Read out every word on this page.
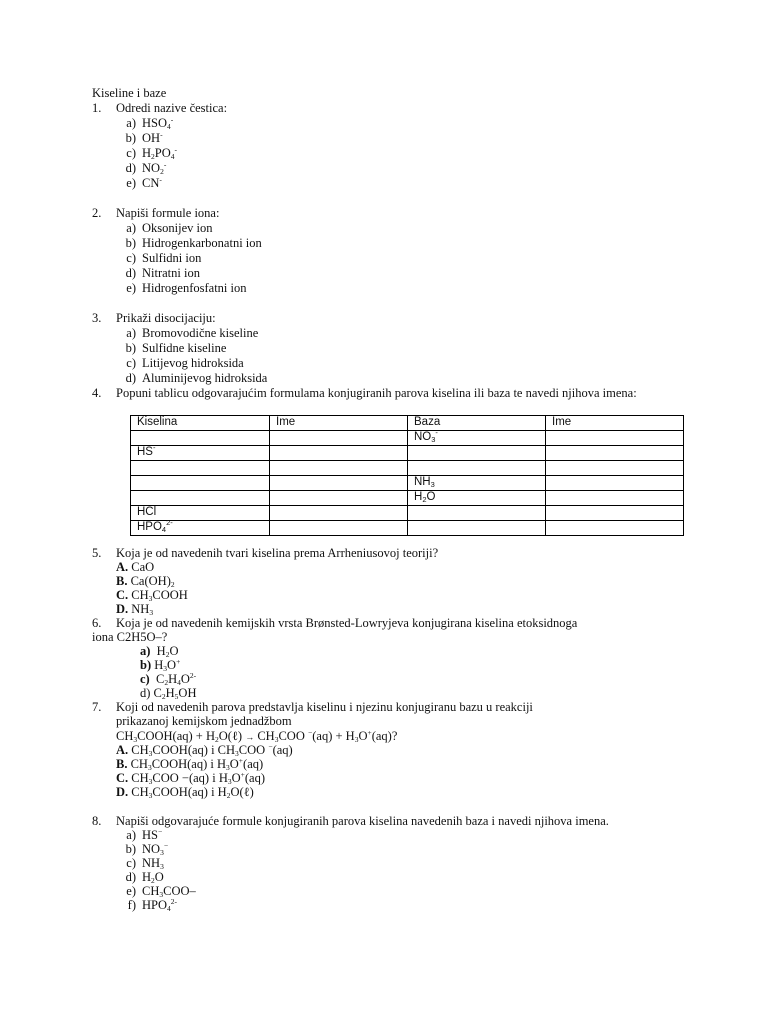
Kiseline i baze
1. Odredi nazive čestica:
a) $HSO_4^-$
b) OH-
c) $H_2PO_4^-$
d) $NO_2^-$
e) CN-
2. Napiši formule iona:
a) Oksonijev ion
b) Hidrogenkarbonatni ion
c) Sulfidni ion
d) Nitratni ion
e) Hidrogenfosfatni ion
3. Prikaži disocijaciju:
a) Bromovodične kiseline
b) Sulfidne kiseline
c) Litijevog hidroksida
d) Aluminijevog hidroksida
4. Popuni tablicu odgovarajućim formulama konjugiranih parova kiselina ili baza te navedi njihova imena:
Kiselina	Ime	Baza	Ime
		$NO_3^-$	
HS-			

		$NH_3$	
		$H_2O$	
HCl			
$HPO_4^{2-}$			
5. Koja je od navedenih tvari kiselina prema Arrheniusovoj teoriji?
A. CaO
B. $Ca(OH)_2$
C. $CH_3COOH$
D. $NH_3$
6. Koja je od navedenih kemijskih vrsta Brønsted-Lowryjeva konjugirana kiselina etoksidnoga
iona C2H5O–?
a) $H_2O$
b) $H_3O^+$
c) $C_2H_4O^{2-}$
d) $C_2H_5OH$
7. Koji od navedenih parova predstavlja kiselinu i njezinu konjugiranu bazu u reakciji
prikazanoj kemijskom jednadžbom
$CH_3COOH(aq)$ + $H_2O(\ell) \to CH_3COO$ $^-(aq) + H_3O^+(aq)$?
A. $CH_3COOH(aq)$ i $CH_3COO$ −(aq)
B. $CH_3COOH(aq)$ i $H_3O^+(aq)$
C. $CH_3COO -(aq)$ i $H_3O^+(aq)$
D. $CH_3COOH(aq)$ i $H_2O(\ell)$
8. Napiši odgovarajuće formule konjugiranih parova kiselina navedenih baza i navedi njihova imena.
a) HS−
b) $NO_3^-$
c) $NH_3$
d) $H_2O$
e) $CH_3COO-$
f) $HPO_4^{2-}$
